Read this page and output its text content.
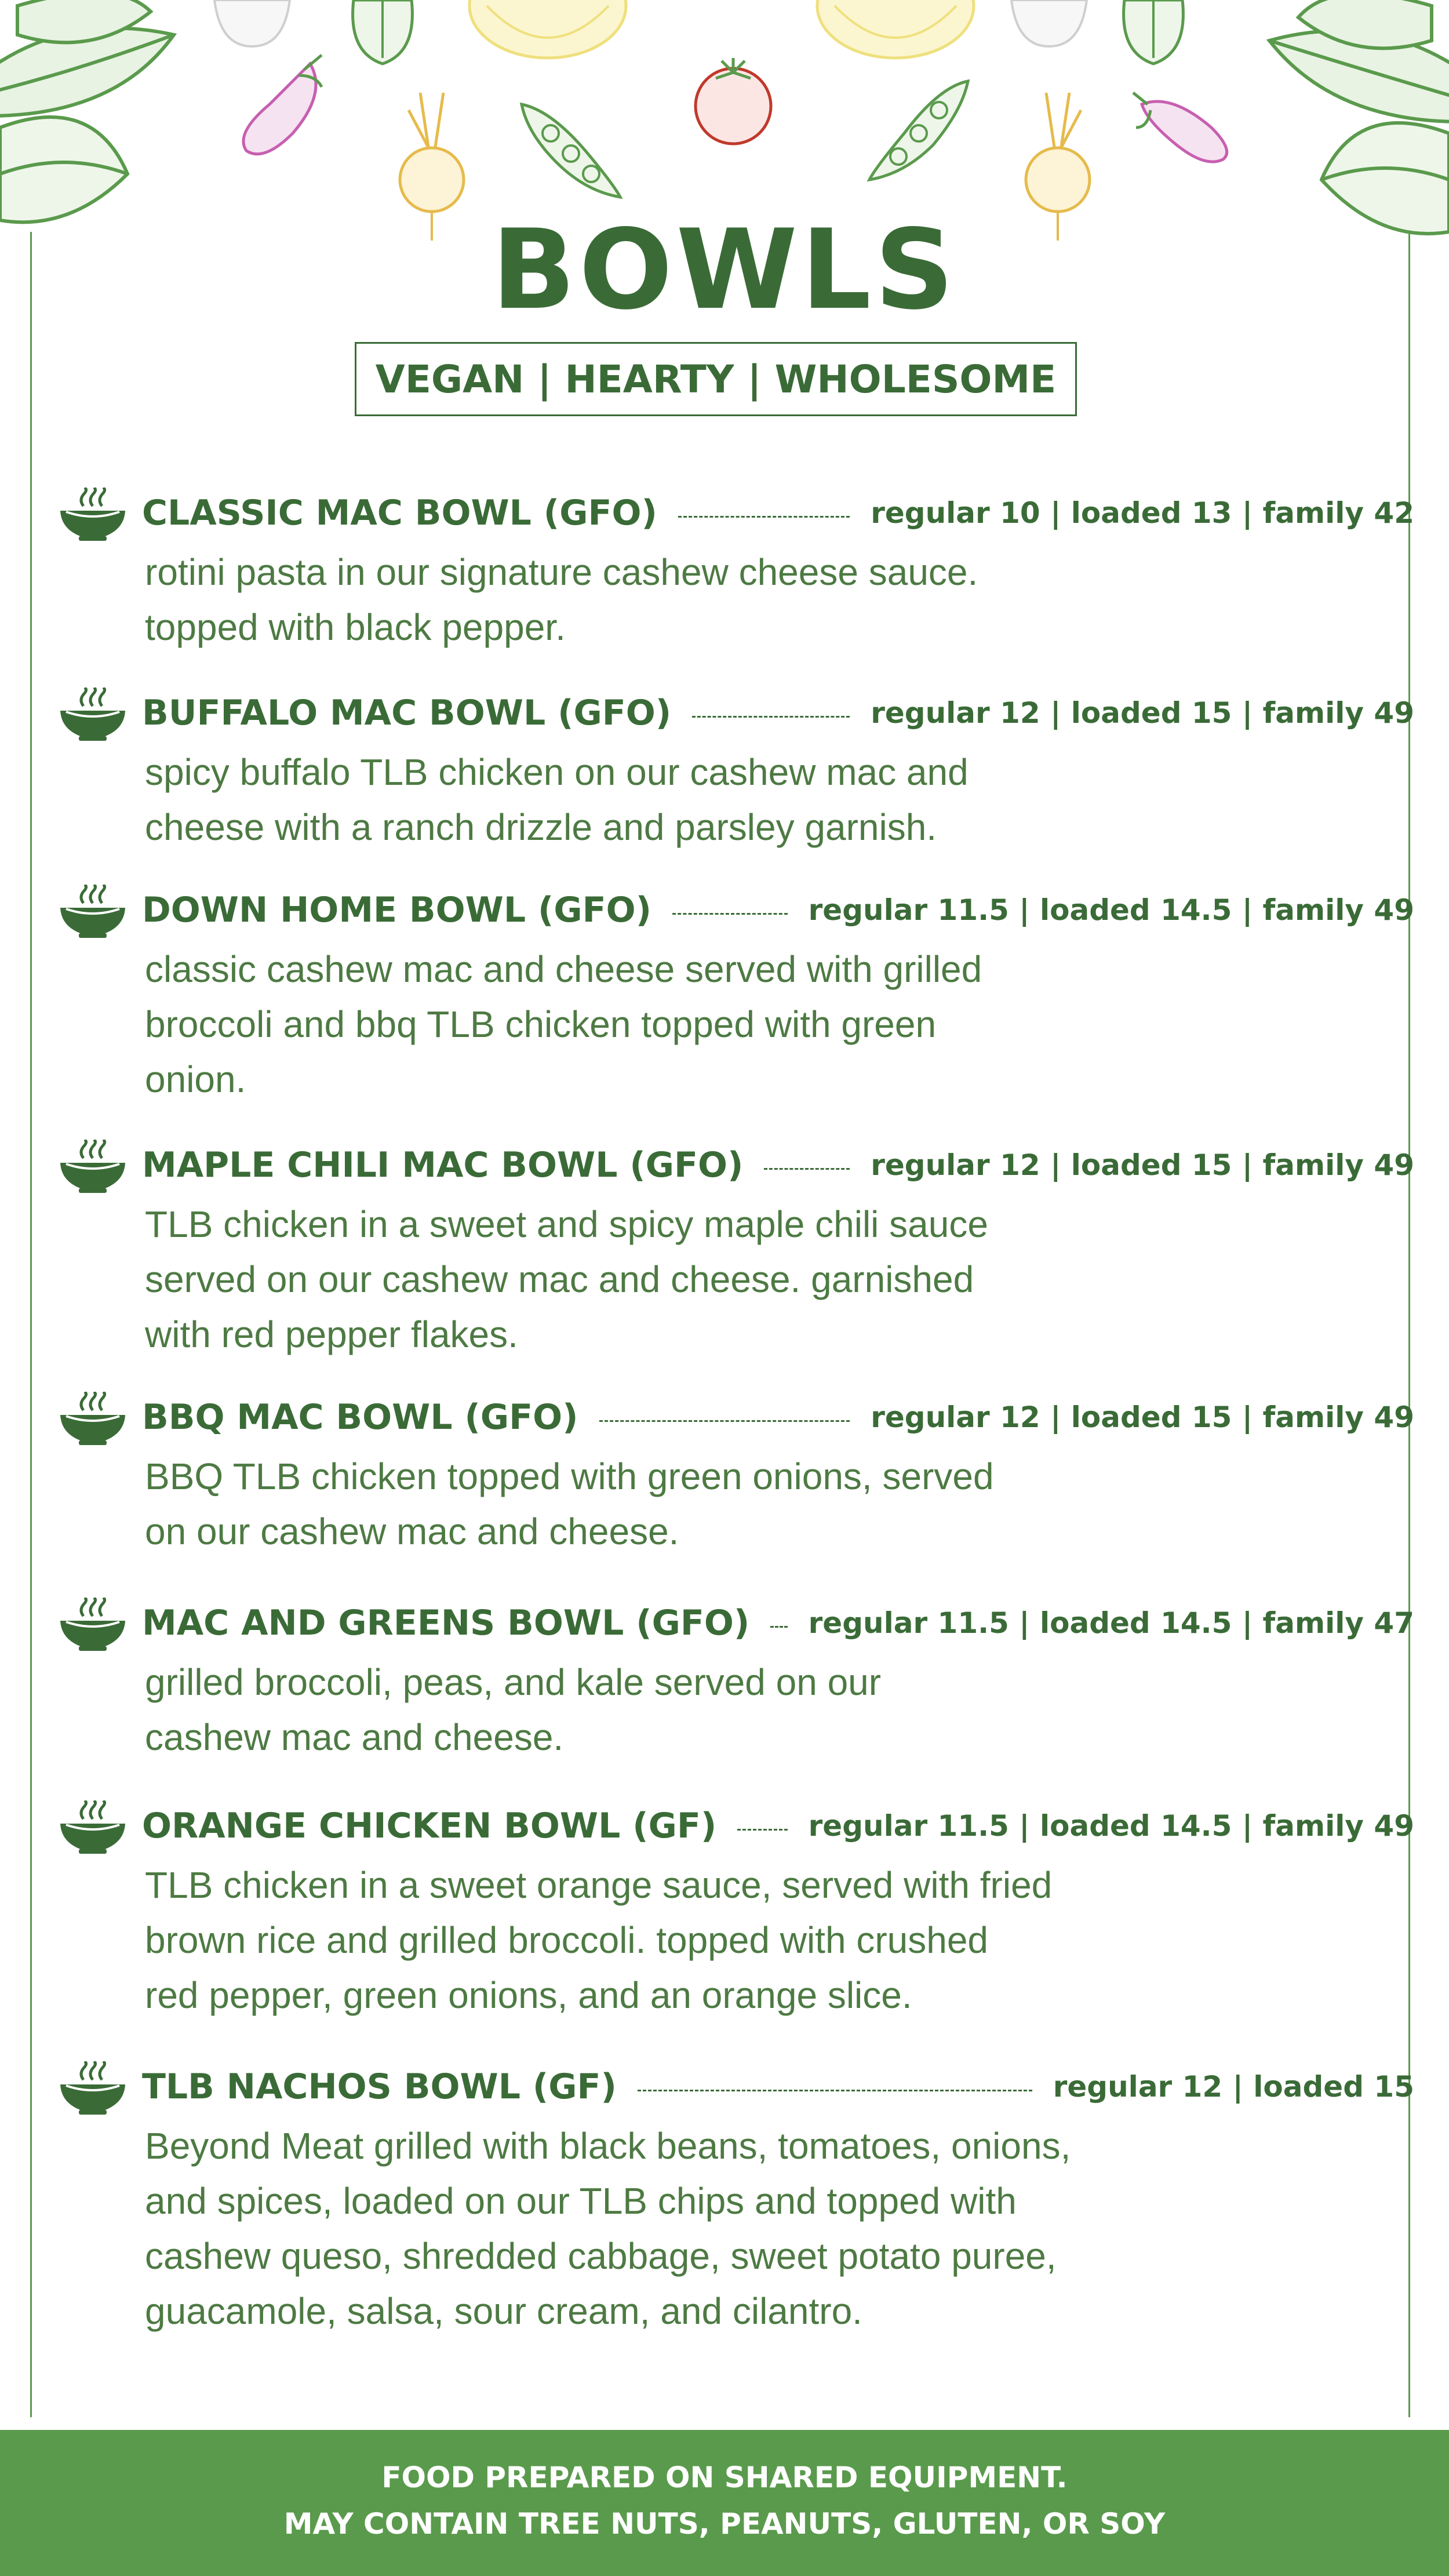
BOWLS
VEGAN | HEARTY | WHOLESOME
CLASSIC MAC BOWL (GFO)	regular 10 | loaded 13 | family 42
rotini pasta in our signature cashew cheese sauce.
topped with black pepper.
BUFFALO MAC BOWL (GFO)	regular 12 | loaded 15 | family 49
spicy buffalo TLB chicken on our cashew mac and
cheese with a ranch drizzle and parsley garnish.
DOWN HOME BOWL (GFO)	regular 11.5 | loaded 14.5 | family 49
classic cashew mac and cheese served with grilled
broccoli and bbq TLB chicken topped with green
onion.
MAPLE CHILI MAC BOWL (GFO)	regular 12 | loaded 15 | family 49
TLB chicken in a sweet and spicy maple chili sauce
served on our cashew mac and cheese. garnished
with red pepper flakes.
BBQ MAC BOWL (GFO)	regular 12 | loaded 15 | family 49
BBQ TLB chicken topped with green onions, served
on our cashew mac and cheese.
MAC AND GREENS BOWL (GFO) regular 11.5 | loaded 14.5 | family 47
grilled broccoli, peas, and kale served on our
cashew mac and cheese.
ORANGE CHICKEN BOWL (GF)	regular 11.5 | loaded 14.5 | family 49
TLB chicken in a sweet orange sauce, served with fried
brown rice and grilled broccoli. topped with crushed
red pepper, green onions, and an orange slice.
TLB NACHOS BOWL (GF)	regular 12 | loaded 15
Beyond Meat grilled with black beans, tomatoes, onions,
and spices, loaded on our TLB chips and topped with
cashew queso, shredded cabbage, sweet potato puree,
guacamole, salsa, sour cream, and cilantro.
FOOD PREPARED ON SHARED EQUIPMENT.
MAY CONTAIN TREE NUTS, PEANUTS, GLUTEN, OR SOY
